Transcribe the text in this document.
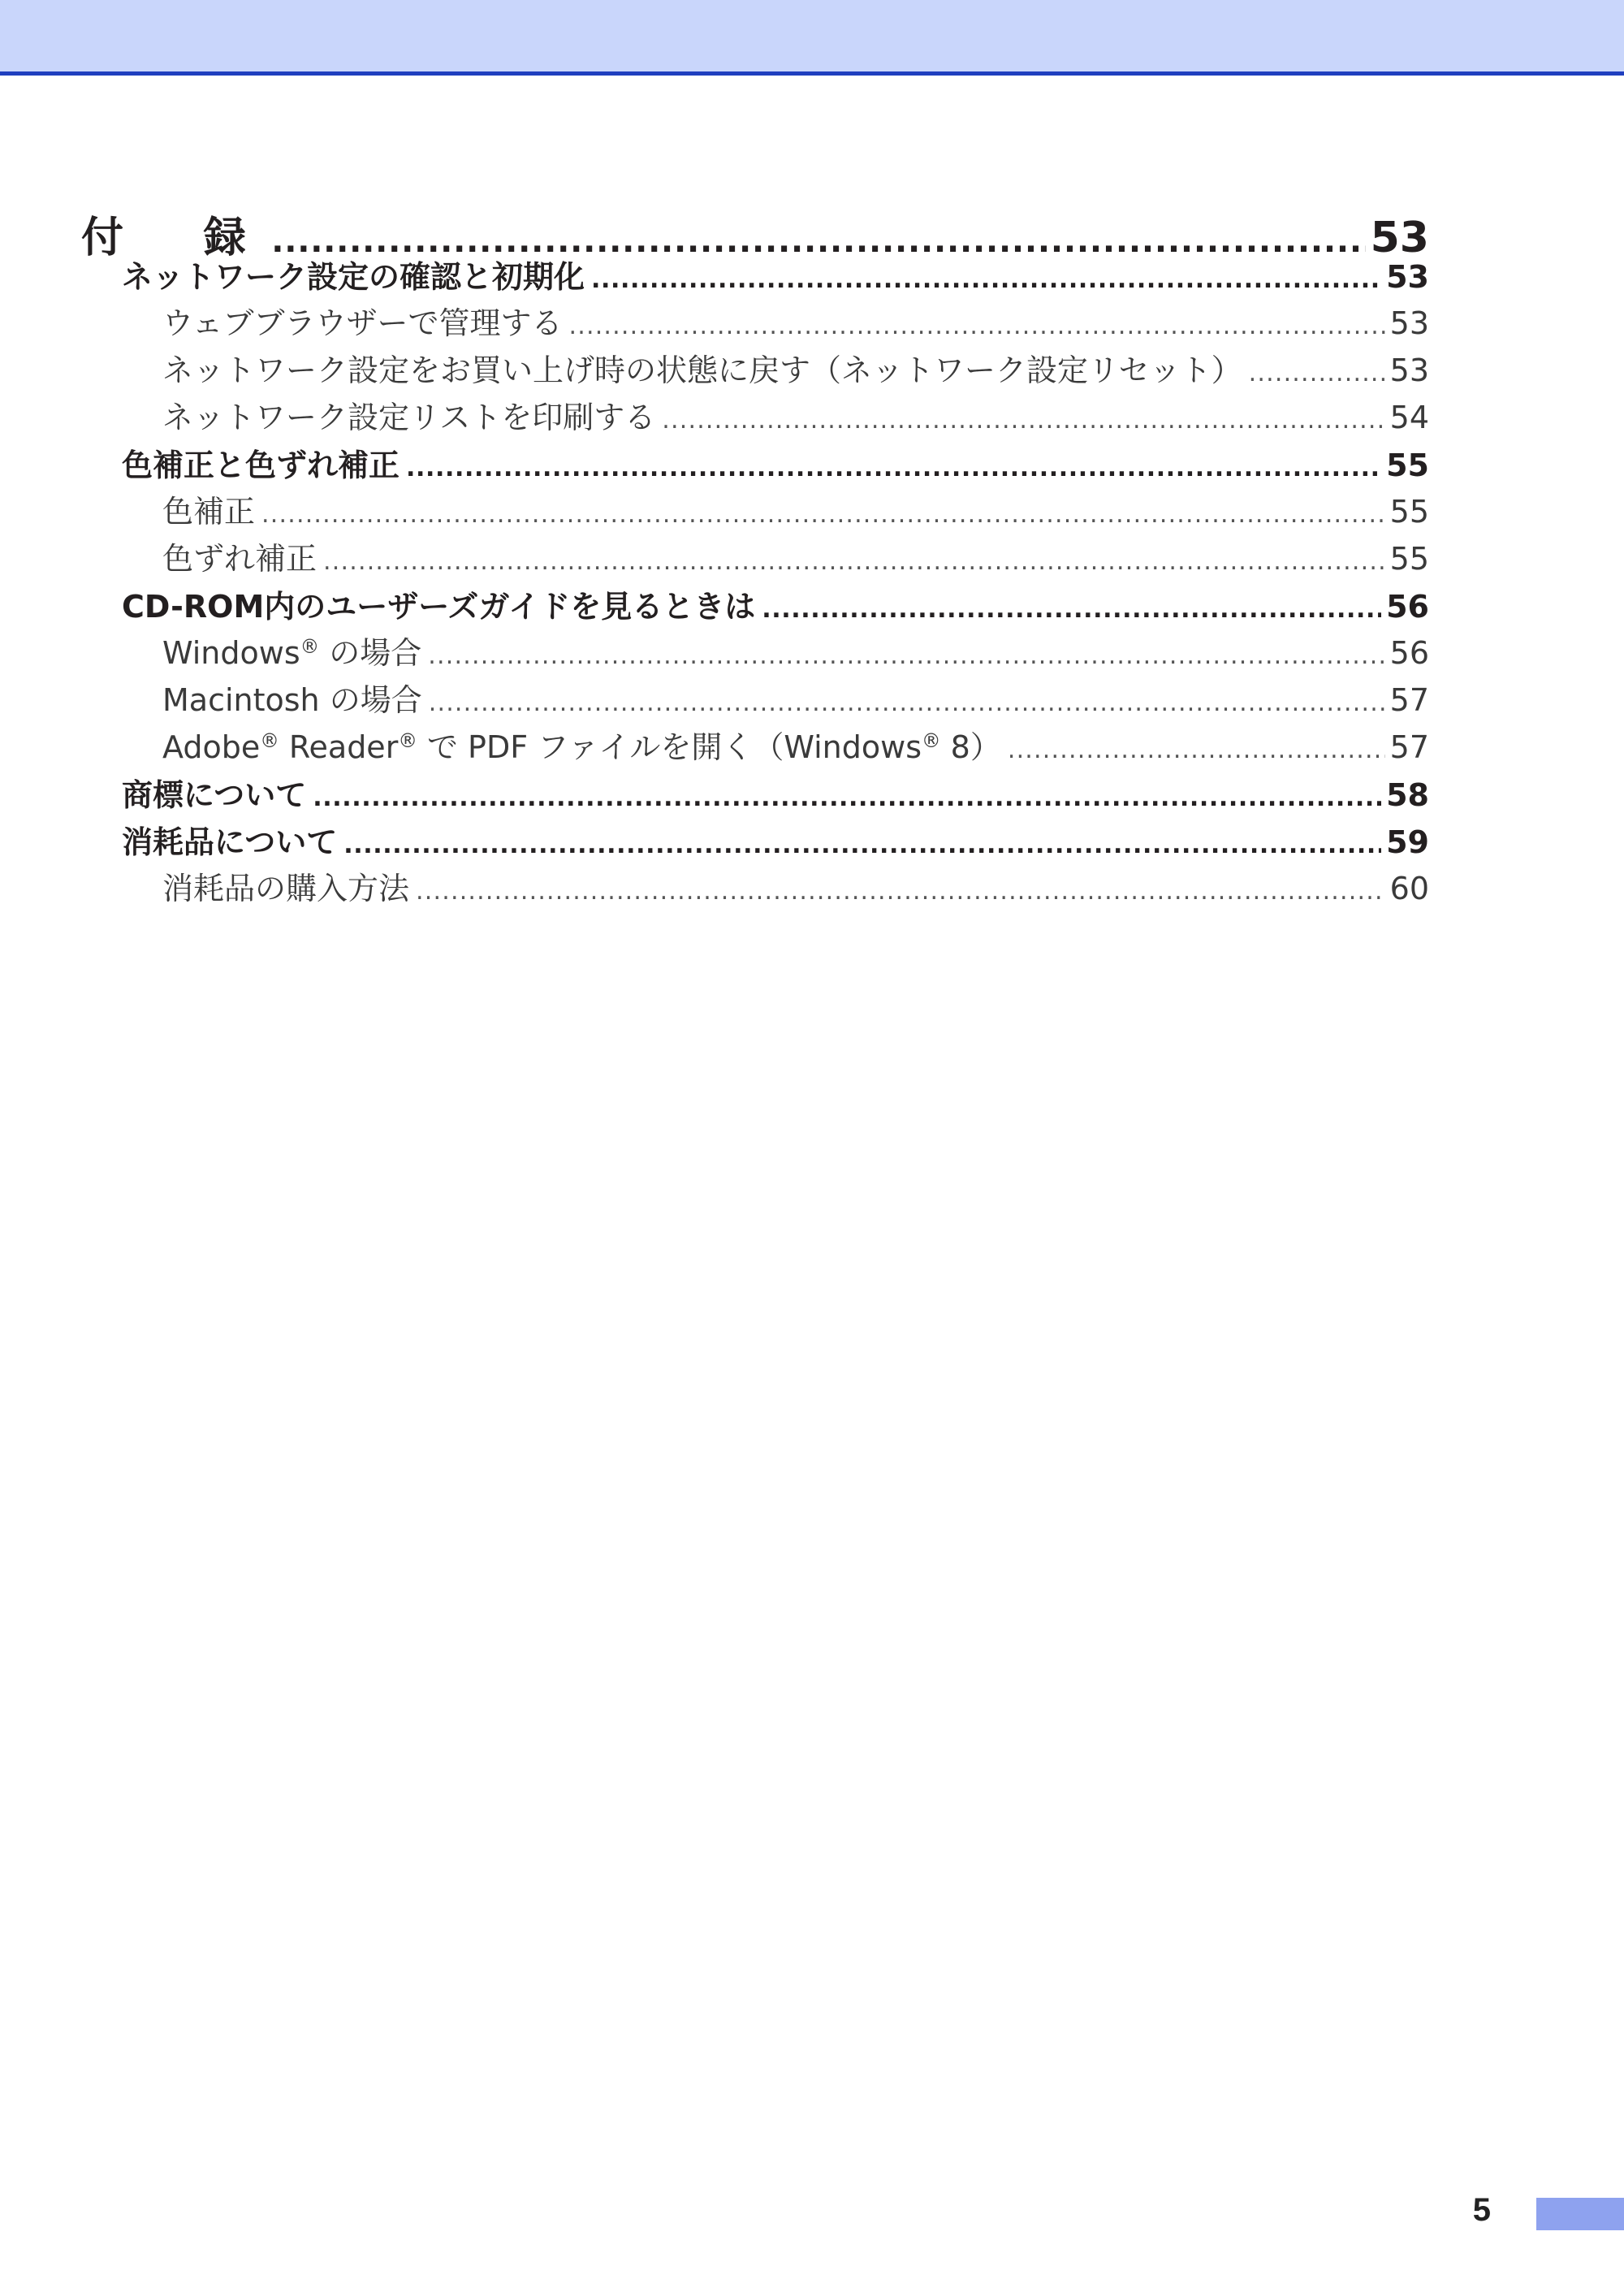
付　録 .....	53
ネットワーク設定の確認と初期化 .....	53
ウェブブラウザーで管理する .....	53
ネットワーク設定をお買い上げ時の状態に戻す（ネットワーク設定リセット） .....	53
ネットワーク設定リストを印刷する .....	54
色補正と色ずれ補正 .....	55
色補正 .....	55
色ずれ補正 .....	55
CD-ROM内のユーザーズガイドを見るときは .....	56
Windows® の場合 .....	56
Macintosh の場合 .....	57
Adobe® Reader® で PDF ファイルを開く（Windows® 8） .....	57
商標について .....	58
消耗品について .....	59
消耗品の購入方法 .....	60
5
